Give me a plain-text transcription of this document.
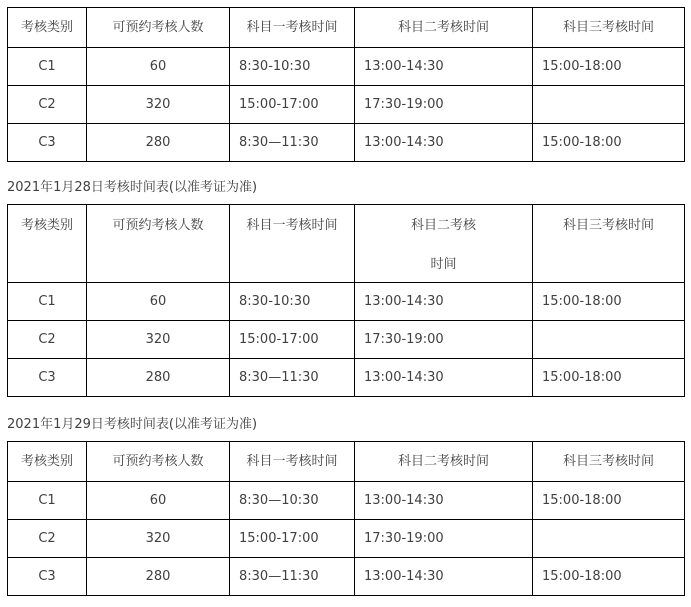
考核类别	可预约考核人数	科目一考核时间	科目二考核时间	科目三考核时间
C1	60	8:30-10:30	13:00-14:30	15:00-18:00
C2	320	15:00-17:00	17:30-19:00	
C3	280	8:30—11:30	13:00-14:30	15:00-18:00
2021年1月28日考核时间表(以准考证为准)
考核类别	可预约考核人数	科目一考核时间	科目二考核
时间	科目三考核时间
C1	60	8:30-10:30	13:00-14:30	15:00-18:00
C2	320	15:00-17:00	17:30-19:00	
C3	280	8:30—11:30	13:00-14:30	15:00-18:00
2021年1月29日考核时间表(以准考证为准)
考核类别	可预约考核人数	科目一考核时间	科目二考核时间	科目三考核时间
C1	60	8:30—10:30	13:00-14:30	15:00-18:00
C2	320	15:00-17:00	17:30-19:00	
C3	280	8:30—11:30	13:00-14:30	15:00-18:00
